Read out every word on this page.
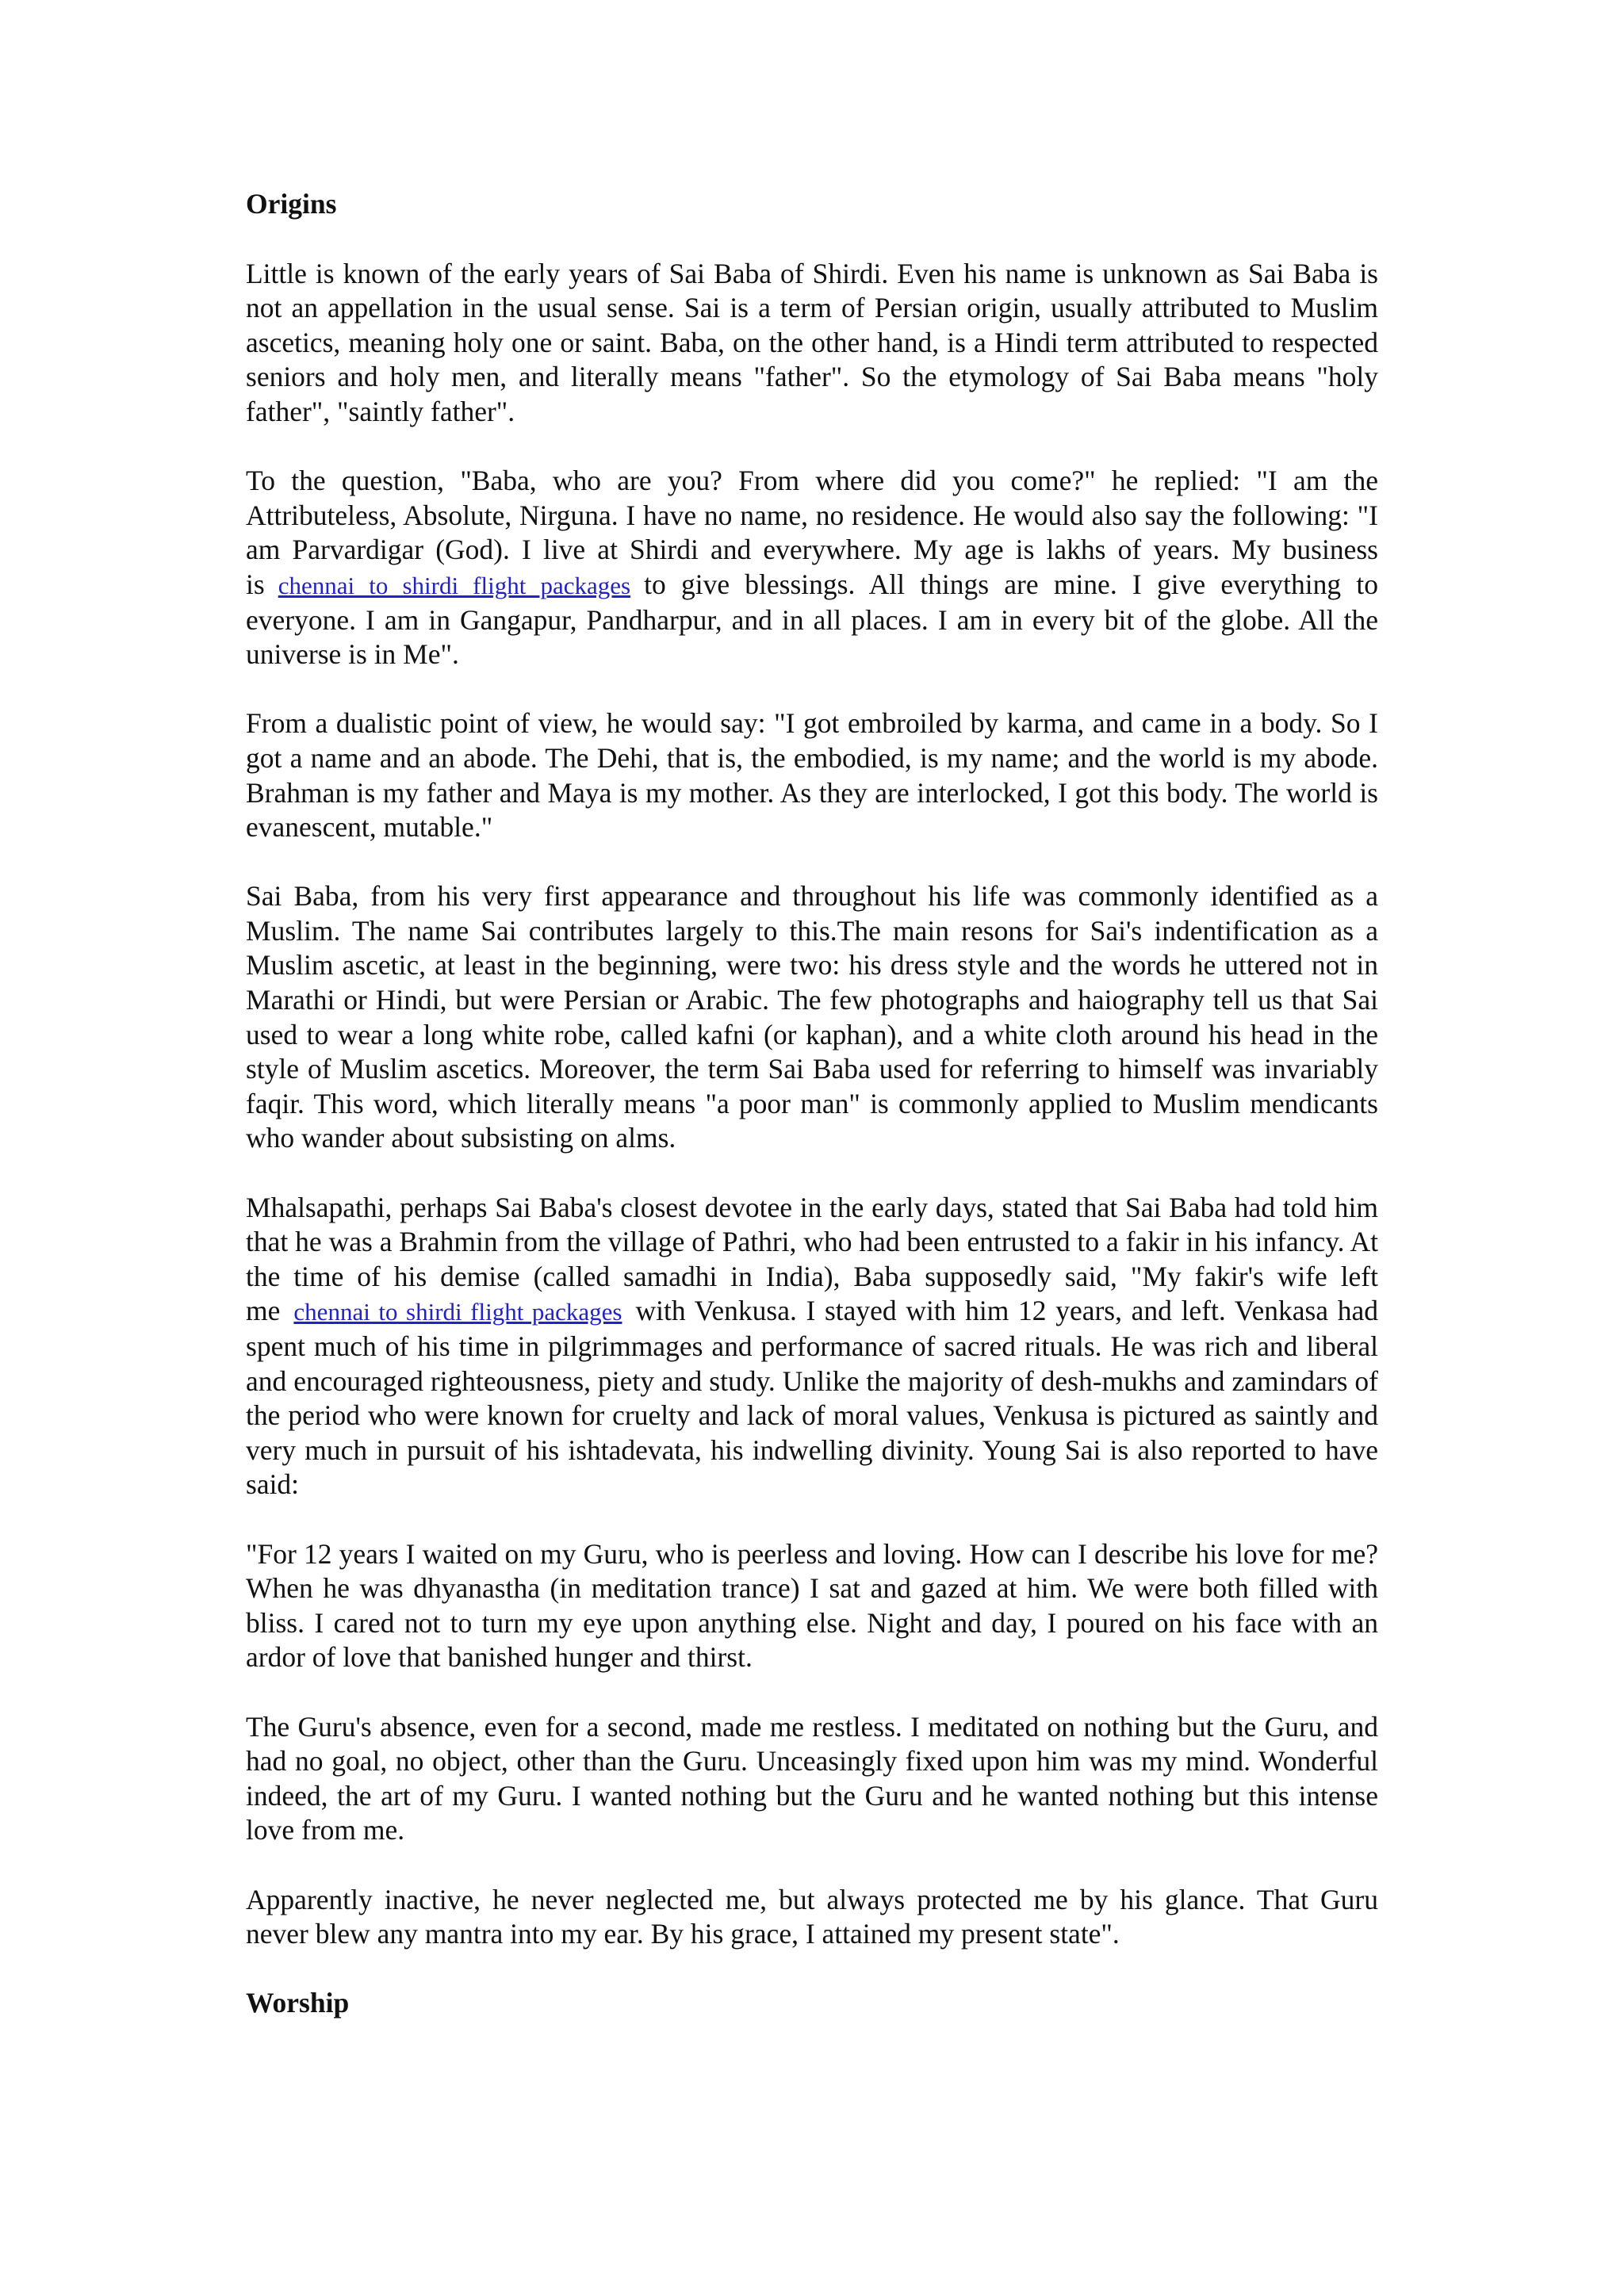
Origins

Little is known of the early years of Sai Baba of Shirdi. Even his name is unknown as Sai Baba is not an appellation in the usual sense. Sai is a term of Persian origin, usually attributed to Muslim ascetics, meaning holy one or saint. Baba, on the other hand, is a Hindi term attributed to respected seniors and holy men, and literally means "father". So the etymology of Sai Baba means "holy father", "saintly father".

To the question, "Baba, who are you? From where did you come?" he replied: "I am the Attributeless, Absolute, Nirguna. I have no name, no residence. He would also say the following: "I am Parvardigar (God). I live at Shirdi and everywhere. My age is lakhs of years. My business is chennai to shirdi flight packages to give blessings. All things are mine. I give everything to everyone. I am in Gangapur, Pandharpur, and in all places. I am in every bit of the globe. All the universe is in Me".

From a dualistic point of view, he would say: "I got embroiled by karma, and came in a body. So I got a name and an abode. The Dehi, that is, the embodied, is my name; and the world is my abode. Brahman is my father and Maya is my mother. As they are interlocked, I got this body. The world is evanescent, mutable."

Sai Baba, from his very first appearance and throughout his life was commonly identified as a Muslim. The name Sai contributes largely to this.The main resons for Sai's indentification as a Muslim ascetic, at least in the beginning, were two: his dress style and the words he uttered not in Marathi or Hindi, but were Persian or Arabic. The few photographs and haiography tell us that Sai used to wear a long white robe, called kafni (or kaphan), and a white cloth around his head in the style of Muslim ascetics. Moreover, the term Sai Baba used for referring to himself was invariably faqir. This word, which literally means "a poor man" is commonly applied to Muslim mendicants who wander about subsisting on alms.

Mhalsapathi, perhaps Sai Baba's closest devotee in the early days, stated that Sai Baba had told him that he was a Brahmin from the village of Pathri, who had been entrusted to a fakir in his infancy. At the time of his demise (called samadhi in India), Baba supposedly said, "My fakir's wife left me chennai to shirdi flight packages with Venkusa. I stayed with him 12 years, and left. Venkasa had spent much of his time in pilgrimmages and performance of sacred rituals. He was rich and liberal and encouraged righteousness, piety and study. Unlike the majority of desh-mukhs and zamindars of the period who were known for cruelty and lack of moral values, Venkusa is pictured as saintly and very much in pursuit of his ishtadevata, his indwelling divinity. Young Sai is also reported to have said:

"For 12 years I waited on my Guru, who is peerless and loving. How can I describe his love for me? When he was dhyanastha (in meditation trance) I sat and gazed at him. We were both filled with bliss. I cared not to turn my eye upon anything else. Night and day, I poured on his face with an ardor of love that banished hunger and thirst.

The Guru's absence, even for a second, made me restless. I meditated on nothing but the Guru, and had no goal, no object, other than the Guru. Unceasingly fixed upon him was my mind. Wonderful indeed, the art of my Guru. I wanted nothing but the Guru and he wanted nothing but this intense love from me.

Apparently inactive, he never neglected me, but always protected me by his glance. That Guru never blew any mantra into my ear. By his grace, I attained my present state".

Worship
